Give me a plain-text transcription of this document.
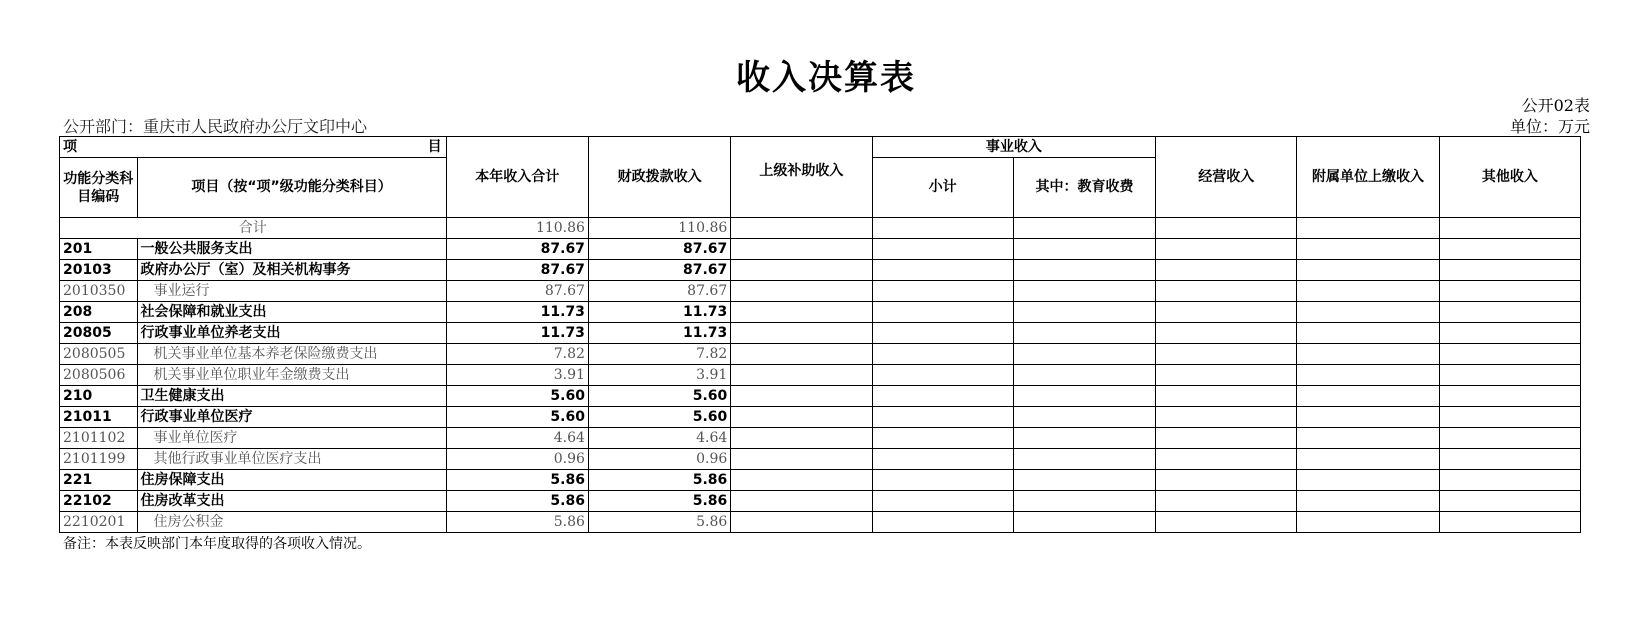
收入决算表
公开02表
公开部门：重庆市人民政府办公厅文印中心	单位：万元
项 目		本年收入合计	财政拨款收入	上级补助收入	事业收入		经营收入	附属单位上缴收入	其他收入
功能分类科目编码	项目（按“项”级功能分类科目）				小计	其中：教育收费			

合计		110.86	110.86						
201	一般公共服务支出	87.67	87.67						
20103	政府办公厅（室）及相关机构事务	87.67	87.67						
2010350	事业运行	87.67	87.67						
208	社会保障和就业支出	11.73	11.73						
20805	行政事业单位养老支出	11.73	11.73						
2080505	机关事业单位基本养老保险缴费支出	7.82	7.82						
2080506	机关事业单位职业年金缴费支出	3.91	3.91						
210	卫生健康支出	5.60	5.60						
21011	行政事业单位医疗	5.60	5.60						
2101102	事业单位医疗	4.64	4.64						
2101199	其他行政事业单位医疗支出	0.96	0.96						
221	住房保障支出	5.86	5.86						
22102	住房改革支出	5.86	5.86						
2210201	住房公积金	5.86	5.86						
备注：本表反映部门本年度取得的各项收入情况。
